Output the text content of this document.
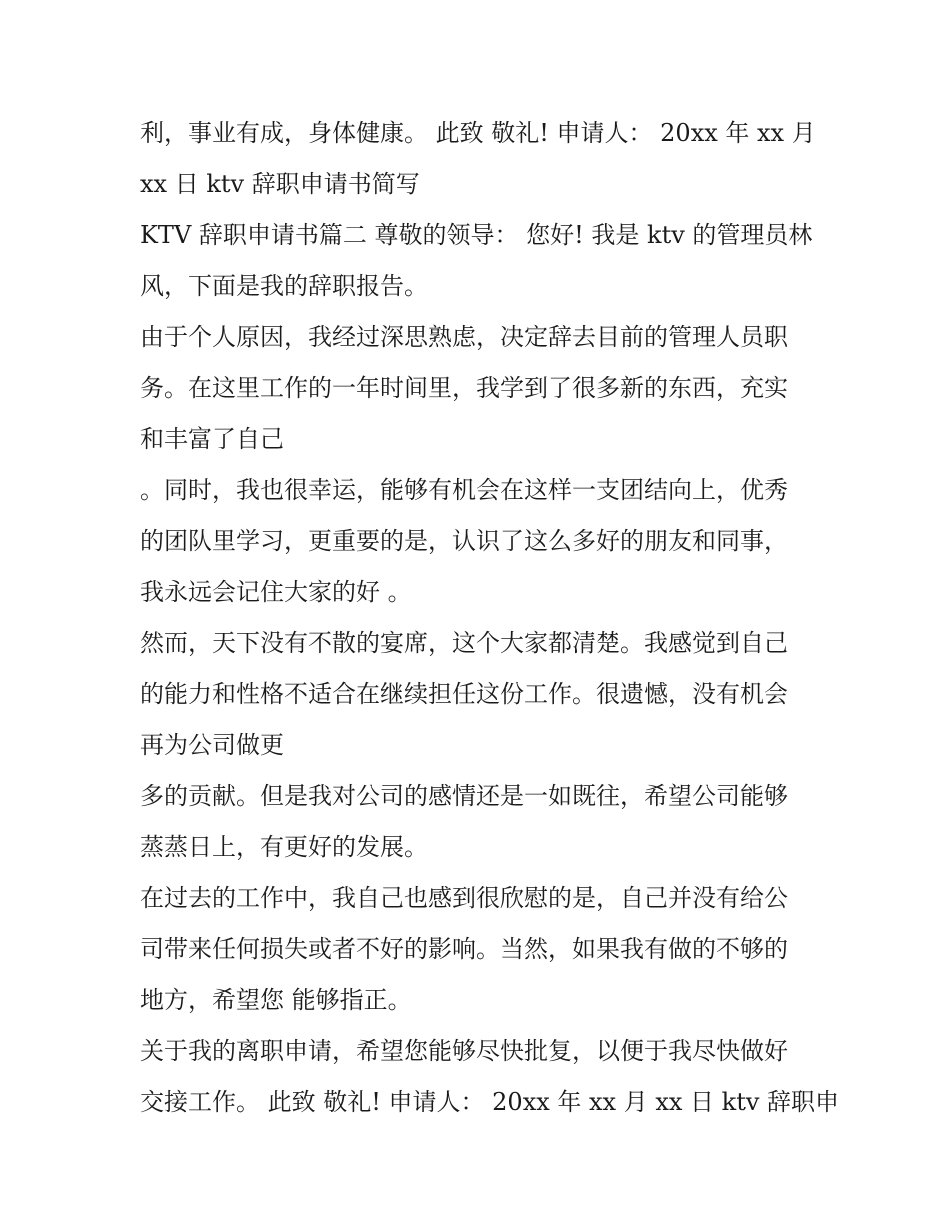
利，事业有成，身体健康。 此致 敬礼! 申请人： 20xx 年 xx 月
xx 日 ktv 辞职申请书简写
KTV 辞职申请书篇二 尊敬的领导： 您好! 我是 ktv 的管理员林
风，下面是我的辞职报告。
由于个人原因，我经过深思熟虑，决定辞去目前的管理人员职
务。在这里工作的一年时间里，我学到了很多新的东西，充实
和丰富了自己
。同时，我也很幸运，能够有机会在这样一支团结向上，优秀
的团队里学习，更重要的是，认识了这么多好的朋友和同事，
我永远会记住大家的好 。
然而，天下没有不散的宴席，这个大家都清楚。我感觉到自己
的能力和性格不适合在继续担任这份工作。很遗憾，没有机会
再为公司做更
多的贡献。但是我对公司的感情还是一如既往，希望公司能够
蒸蒸日上，有更好的发展。
在过去的工作中，我自己也感到很欣慰的是，自己并没有给公
司带来任何损失或者不好的影响。当然，如果我有做的不够的
地方，希望您 能够指正。
关于我的离职申请，希望您能够尽快批复，以便于我尽快做好
交接工作。 此致 敬礼! 申请人： 20xx 年 xx 月 xx 日 ktv 辞职申
